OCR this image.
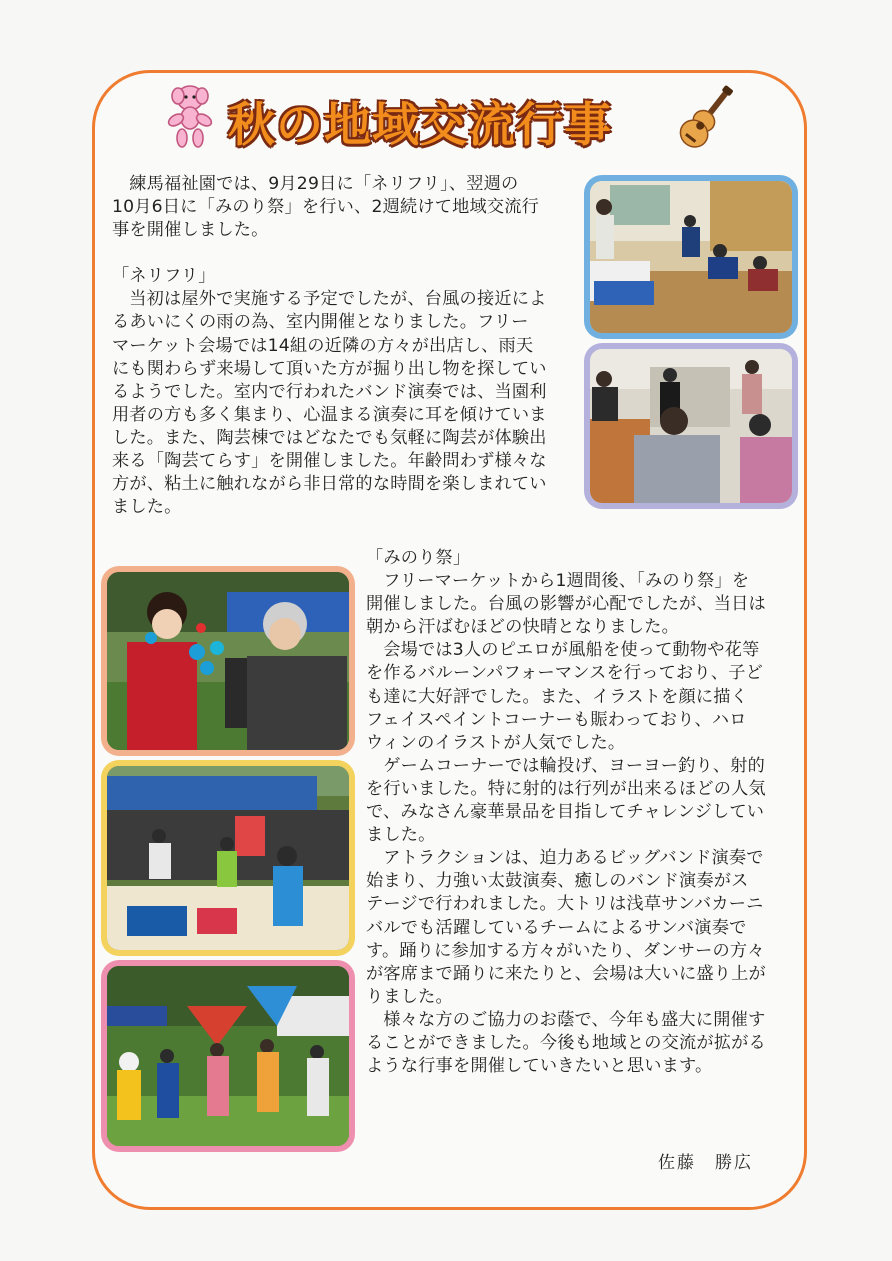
秋の地域交流行事

練馬福祉園では、9月29日に「ネリフリ」、翌週の
10月6日に「みのり祭」を行い、2週続けて地域交流行
事を開催しました。

「ネリフリ」

当初は屋外で実施する予定でしたが、台風の接近によ
るあいにくの雨の為、室内開催となりました。フリー
マーケット会場では14組の近隣の方々が出店し、雨天
にも関わらず来場して頂いた方が掘り出し物を探してい
るようでした。室内で行われたバンド演奏では、当園利
用者の方も多く集まり、心温まる演奏に耳を傾けていま
した。また、陶芸棟ではどなたでも気軽に陶芸が体験出
来る「陶芸てらす」を開催しました。年齢問わず様々な
方が、粘土に触れながら非日常的な時間を楽しまれてい
ました。

「みのり祭」

フリーマーケットから1週間後、「みのり祭」を
開催しました。台風の影響が心配でしたが、当日は
朝から汗ばむほどの快晴となりました。

会場では3人のピエロが風船を使って動物や花等
を作るバルーンパフォーマンスを行っており、子ど
も達に大好評でした。また、イラストを顔に描く
フェイスペイントコーナーも賑わっており、ハロ
ウィンのイラストが人気でした。

ゲームコーナーでは輪投げ、ヨーヨー釣り、射的
を行いました。特に射的は行列が出来るほどの人気
で、みなさん豪華景品を目指してチャレンジしてい
ました。

アトラクションは、迫力あるビッグバンド演奏で
始まり、力強い太鼓演奏、癒しのバンド演奏がス
テージで行われました。大トリは浅草サンバカーニ
バルでも活躍しているチームによるサンバ演奏で
す。踊りに参加する方々がいたり、ダンサーの方々
が客席まで踊りに来たりと、会場は大いに盛り上が
りました。

様々な方のご協力のお蔭で、今年も盛大に開催す
ることができました。今後も地域との交流が拡がる
ような行事を開催していきたいと思います。

佐藤　勝広
